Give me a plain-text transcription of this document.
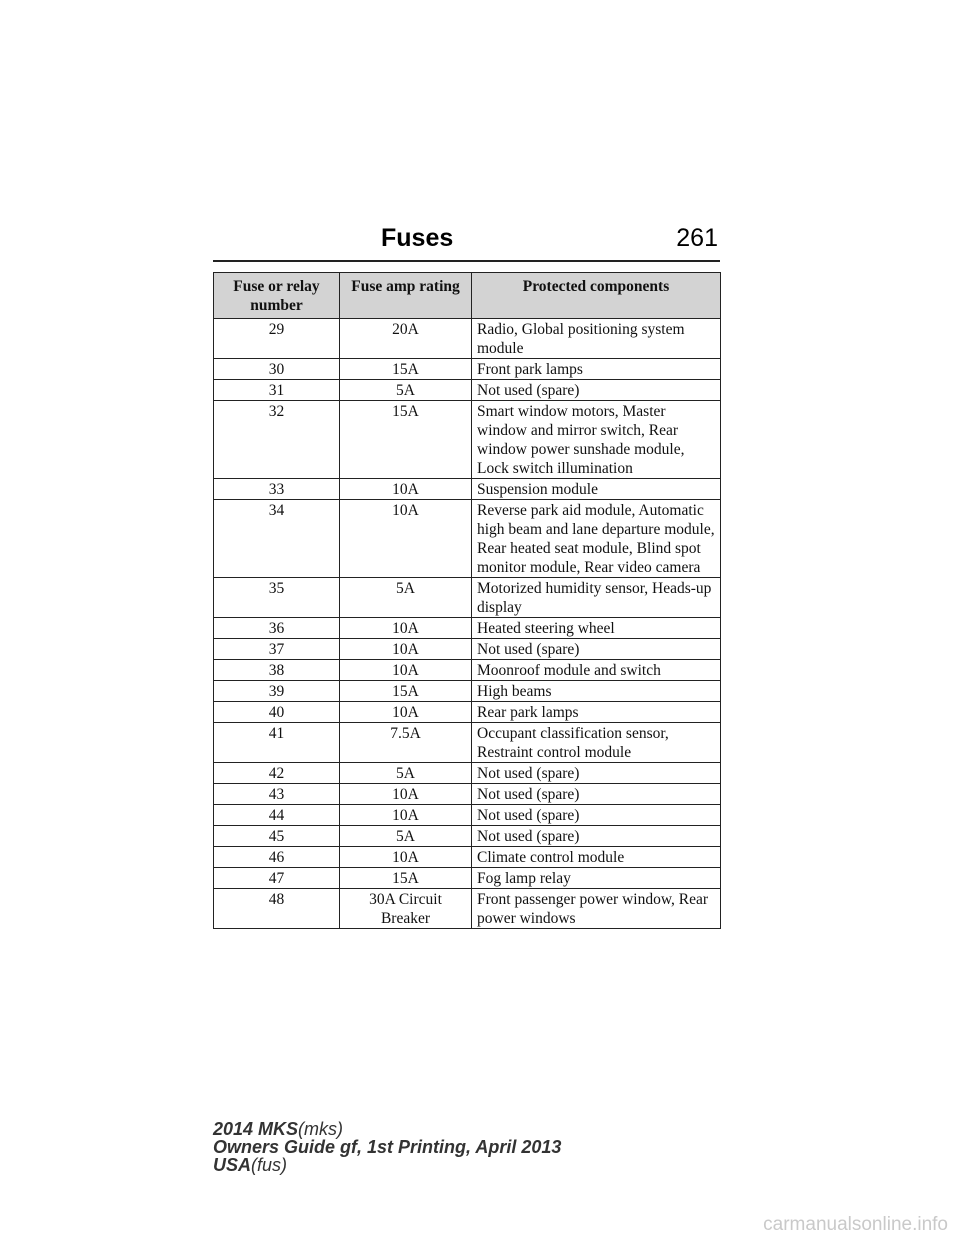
Fuses	261
Fuse or relay number	Fuse amp rating	Protected components
29	20A	Radio, Global positioning system module
30	15A	Front park lamps
31	5A	Not used (spare)
32	15A	Smart window motors, Master window and mirror switch, Rear window power sunshade module, Lock switch illumination
33	10A	Suspension module
34	10A	Reverse park aid module, Automatic high beam and lane departure module, Rear heated seat module, Blind spot monitor module, Rear video camera
35	5A	Motorized humidity sensor, Heads-up display
36	10A	Heated steering wheel
37	10A	Not used (spare)
38	10A	Moonroof module and switch
39	15A	High beams
40	10A	Rear park lamps
41	7.5A	Occupant classification sensor, Restraint control module
42	5A	Not used (spare)
43	10A	Not used (spare)
44	10A	Not used (spare)
45	5A	Not used (spare)
46	10A	Climate control module
47	15A	Fog lamp relay
48	30A Circuit Breaker	Front passenger power window, Rear power windows
2014 MKS(mks)
Owners Guide gf, 1st Printing, April 2013
USA(fus)
carmanualsonline.info
